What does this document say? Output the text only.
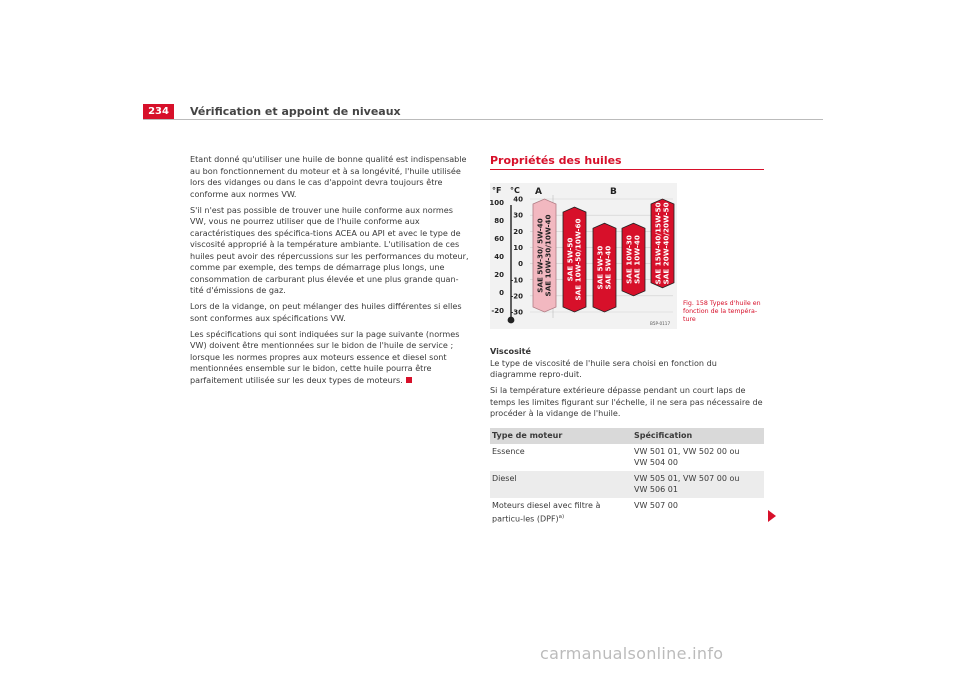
234	Vérification et appoint de niveaux

Etant donné qu'utiliser une huile de bonne qualité est indispensable au bon fonctionnement du moteur et à sa longévité, l'huile utilisée lors des vidanges ou dans le cas d'appoint devra toujours être conforme aux normes VW.

S'il n'est pas possible de trouver une huile conforme aux normes VW, vous ne pourrez utiliser que de l'huile conforme aux caractéristiques des spécifica-tions ACEA ou API et avec le type de viscosité approprié à la température ambiante. L'utilisation de ces huiles peut avoir des répercussions sur les performances du moteur, comme par exemple, des temps de démarrage plus longs, une consommation de carburant plus élevée et une plus grande quan-tité d'émissions de gaz.

Lors de la vidange, on peut mélanger des huiles différentes si elles sont conformes aux spécifications VW.

Les spécifications qui sont indiquées sur la page suivante (normes VW) doivent être mentionnées sur le bidon de l'huile de service ; lorsque les normes propres aux moteurs essence et diesel sont mentionnées ensemble sur le bidon, cette huile pourra être parfaitement utilisée sur les deux types de moteurs.

Propriétés des huiles
SAE 5W-30/ 5W-40SAE 10W-30/10W-40 SAE 5W-50SAE 10W-50/10W-60 SAE 5W-30SAE 5W-40 SAE 10W-30SAE 10W-40 SAE 15W-40/15W-50SAE 20W-40/20W-50
40
30
20
10
0
-10
-20
-30
100
80
60
40
20
0
-20
°F °C A	B
B5P-0117
Fig. 158 Types d'huile en fonction de la tempéra-ture

Viscosité

Le type de viscosité de l'huile sera choisi en fonction du diagramme repro-duit.

Si la température extérieure dépasse pendant un court laps de temps les limites figurant sur l'échelle, il ne sera pas nécessaire de procéder à la vidange de l'huile.

Type de moteur	Spécification
Essence	VW 501 01, VW 502 00 ou
VW 504 00

Diesel	VW 505 01, VW 507 00 ou
VW 506 01

Moteurs diesel avec filtre à particu-les (DPF)$^{a)}$	VW 507 00
carmanualsonline.info
